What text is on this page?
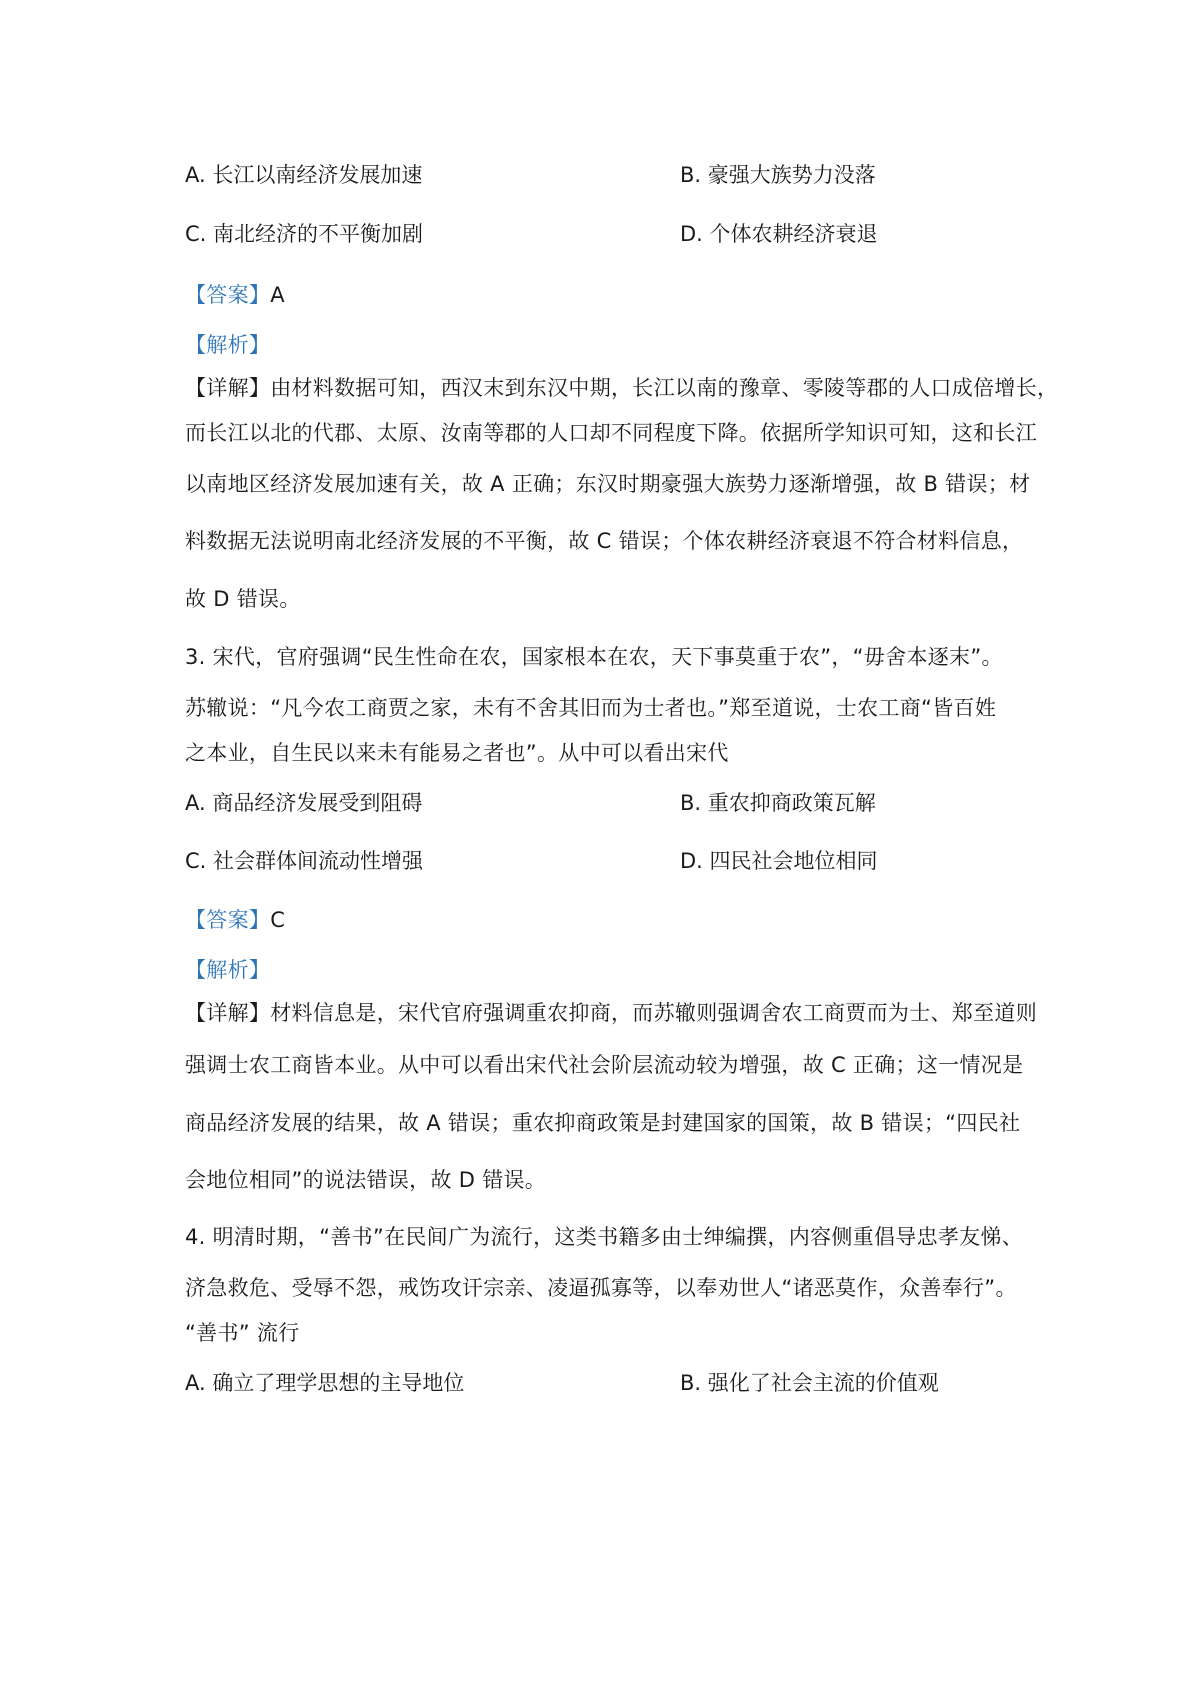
A. 长江以南经济发展加速	B. 豪强大族势力没落
C. 南北经济的不平衡加剧	D. 个体农耕经济衰退
【答案】A
【解析】
【详解】由材料数据可知，西汉末到东汉中期，长江以南的豫章、零陵等郡的人口成倍增长，
而长江以北的代郡、太原、汝南等郡的人口却不同程度下降。依据所学知识可知，这和长江
以南地区经济发展加速有关，故 A 正确；东汉时期豪强大族势力逐渐增强，故 B 错误；材
料数据无法说明南北经济发展的不平衡，故 C 错误；个体农耕经济衰退不符合材料信息，
故 D 错误。
3. 宋代，官府强调“民生性命在农，国家根本在农，天下事莫重于农”，“毋舍本逐末”。
苏辙说：“凡今农工商贾之家，未有不舍其旧而为士者也。”郑至道说，士农工商“皆百姓
之本业，自生民以来未有能易之者也”。从中可以看出宋代
A. 商品经济发展受到阻碍	B. 重农抑商政策瓦解
C. 社会群体间流动性增强	D. 四民社会地位相同
【答案】C
【解析】
【详解】材料信息是，宋代官府强调重农抑商，而苏辙则强调舍农工商贾而为士、郑至道则
强调士农工商皆本业。从中可以看出宋代社会阶层流动较为增强，故 C 正确；这一情况是
商品经济发展的结果，故 A 错误；重农抑商政策是封建国家的国策，故 B 错误；“四民社
会地位相同”的说法错误，故 D 错误。
4. 明清时期，“善书”在民间广为流行，这类书籍多由士绅编撰，内容侧重倡导忠孝友悌、
济急救危、受辱不怨，戒饬攻讦宗亲、凌逼孤寡等，以奉劝世人“诸恶莫作，众善奉行”。
“善书” 流行
A. 确立了理学思想的主导地位	B. 强化了社会主流的价值观
